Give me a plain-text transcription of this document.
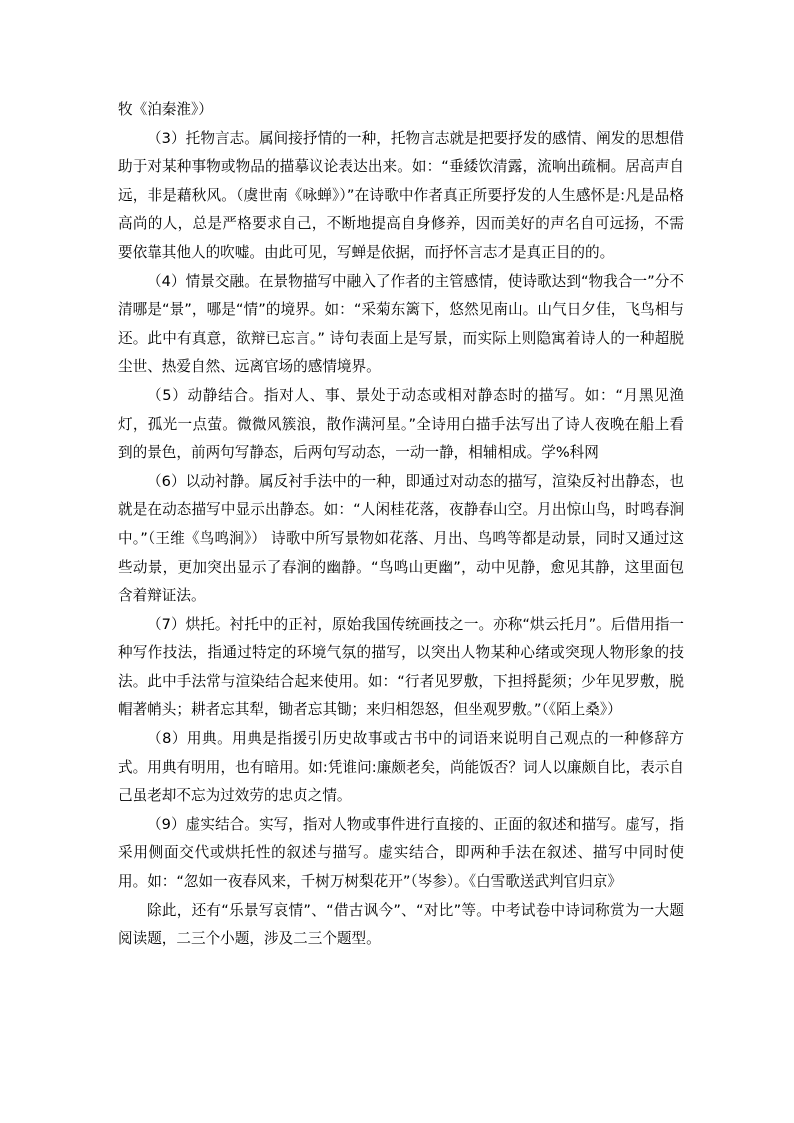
牧《泊秦淮》）

（3）托物言志。属间接抒情的一种，托物言志就是把要抒发的感情、阐发的思想借助于对某种事物或物品的描摹议论表达出来。如：“垂緌饮清露，流响出疏桐。居高声自远，非是藉秋风。（虞世南《咏蝉》）”在诗歌中作者真正所要抒发的人生感怀是:凡是品格高尚的人，总是严格要求自己，不断地提高自身修养，因而美好的声名自可远扬，不需要依靠其他人的吹嘘。由此可见，写蝉是依据，而抒怀言志才是真正目的的。

（4）情景交融。在景物描写中融入了作者的主管感情，使诗歌达到“物我合一”分不清哪是“景”，哪是“情”的境界。如：“采菊东篱下，悠然见南山。山气日夕佳，飞鸟相与还。此中有真意，欲辩已忘言。” 诗句表面上是写景，而实际上则隐寓着诗人的一种超脱尘世、热爱自然、远离官场的感情境界。

（5）动静结合。指对人、事、景处于动态或相对静态时的描写。如：“月黑见渔灯，孤光一点萤。微微风簇浪，散作满河星。”全诗用白描手法写出了诗人夜晚在船上看到的景色，前两句写静态，后两句写动态，一动一静，相辅相成。学%科网

（6）以动衬静。属反衬手法中的一种，即通过对动态的描写，渲染反衬出静态，也就是在动态描写中显示出静态。如：“人闲桂花落，夜静春山空。月出惊山鸟，时鸣春涧中。”（王维《鸟鸣涧》） 诗歌中所写景物如花落、月出、鸟鸣等都是动景，同时又通过这些动景，更加突出显示了春涧的幽静。“鸟鸣山更幽”，动中见静，愈见其静，这里面包含着辩证法。

（7）烘托。衬托中的正衬，原始我国传统画技之一。亦称“烘云托月”。后借用指一种写作技法，指通过特定的环境气氛的描写，以突出人物某种心绪或突现人物形象的技法。此中手法常与渲染结合起来使用。如：“行者见罗敷，下担捋髭须；少年见罗敷，脱帽著帩头；耕者忘其犁，锄者忘其锄；来归相怨怒，但坐观罗敷。”（《陌上桑》）

（8）用典。用典是指援引历史故事或古书中的词语来说明自己观点的一种修辞方式。用典有明用，也有暗用。如:凭谁问:廉颇老矣，尚能饭否？词人以廉颇自比，表示自己虽老却不忘为过效劳的忠贞之情。

（9）虚实结合。实写，指对人物或事件进行直接的、正面的叙述和描写。虚写，指采用侧面交代或烘托性的叙述与描写。虚实结合，即两种手法在叙述、描写中同时使用。如：“忽如一夜春风来，千树万树梨花开”（岑参）。《白雪歌送武判官归京》

除此，还有“乐景写哀情”、“借古讽今”、“对比”等。中考试卷中诗词称赏为一大题阅读题，二三个小题，涉及二三个题型。
